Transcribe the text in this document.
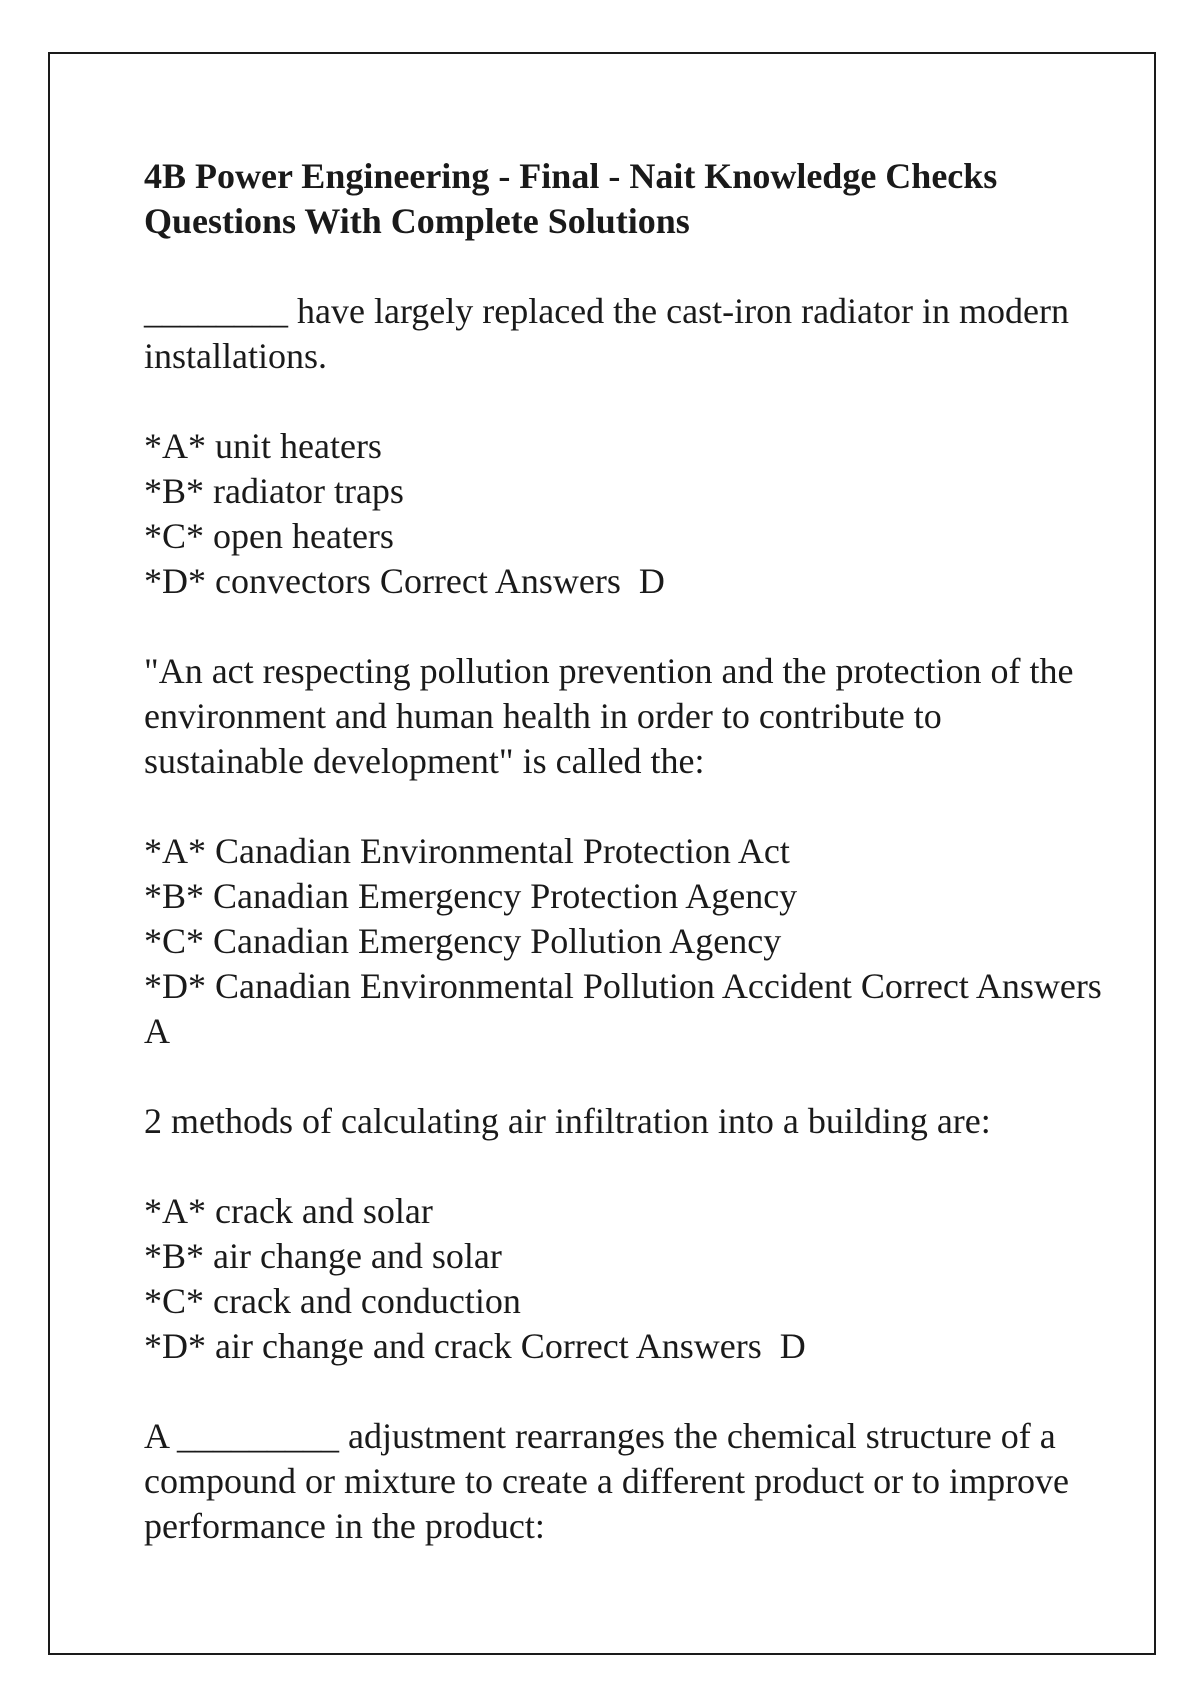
4B Power Engineering - Final - Nait Knowledge Checks Questions With Complete Solutions

________ have largely replaced the cast-iron radiator in modern installations.

*A* unit heaters
*B* radiator traps
*C* open heaters
*D* convectors Correct Answers  D

"An act respecting pollution prevention and the protection of the environment and human health in order to contribute to sustainable development" is called the:

*A* Canadian Environmental Protection Act
*B* Canadian Emergency Protection Agency
*C* Canadian Emergency Pollution Agency
*D* Canadian Environmental Pollution Accident Correct Answers  A

2 methods of calculating air infiltration into a building are:

*A* crack and solar
*B* air change and solar
*C* crack and conduction
*D* air change and crack Correct Answers  D

A _________ adjustment rearranges the chemical structure of a compound or mixture to create a different product or to improve performance in the product:
